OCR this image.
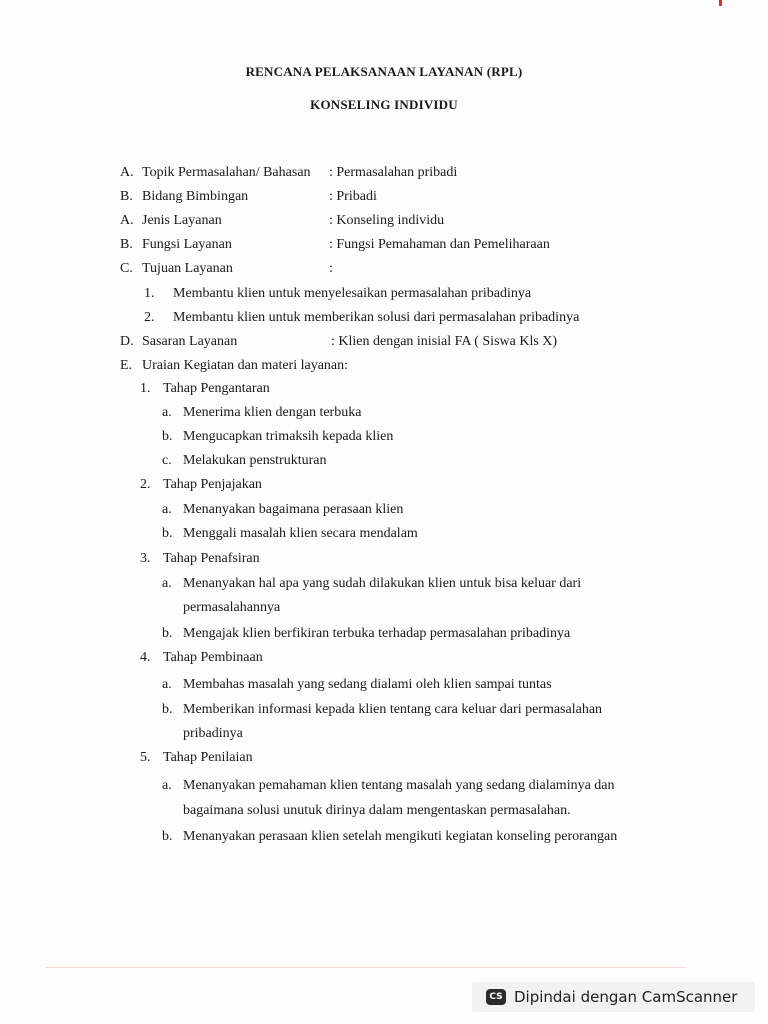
RENCANA PELAKSANAAN LAYANAN (RPL)
KONSELING INDIVIDU
A. Topik Permasalahan/ Bahasan : Permasalahan pribadi
B. Bidang Bimbingan	: Pribadi
A. Jenis Layanan	: Konseling individu
B. Fungsi Layanan	: Fungsi Pemahaman dan Pemeliharaan
C. Tujuan Layanan	:
1. Membantu klien untuk menyelesaikan permasalahan pribadinya
2. Membantu klien untuk memberikan solusi dari permasalahan pribadinya
D. Sasaran Layanan	: Klien dengan inisial FA ( Siswa Kls X)
E. Uraian Kegiatan dan materi layanan:
1. Tahap Pengantaran
a. Menerima klien dengan terbuka
b. Mengucapkan trimaksih kepada klien
c. Melakukan penstrukturan
2. Tahap Penjajakan
a. Menanyakan bagaimana perasaan klien
b. Menggali masalah klien secara mendalam
3. Tahap Penafsiran
a. Menanyakan hal apa yang sudah dilakukan klien untuk bisa keluar dari
permasalahannya
b. Mengajak klien berfikiran terbuka terhadap permasalahan pribadinya
4. Tahap Pembinaan
a. Membahas masalah yang sedang dialami oleh klien sampai tuntas
b. Memberikan informasi kepada klien tentang cara keluar dari permasalahan
pribadinya
5. Tahap Penilaian
a. Menanyakan pemahaman klien tentang masalah yang sedang dialaminya dan
bagaimana solusi unutuk dirinya dalam mengentaskan permasalahan.
b. Menanyakan perasaan klien setelah mengikuti kegiatan konseling perorangan
CS Dipindai dengan CamScanner
